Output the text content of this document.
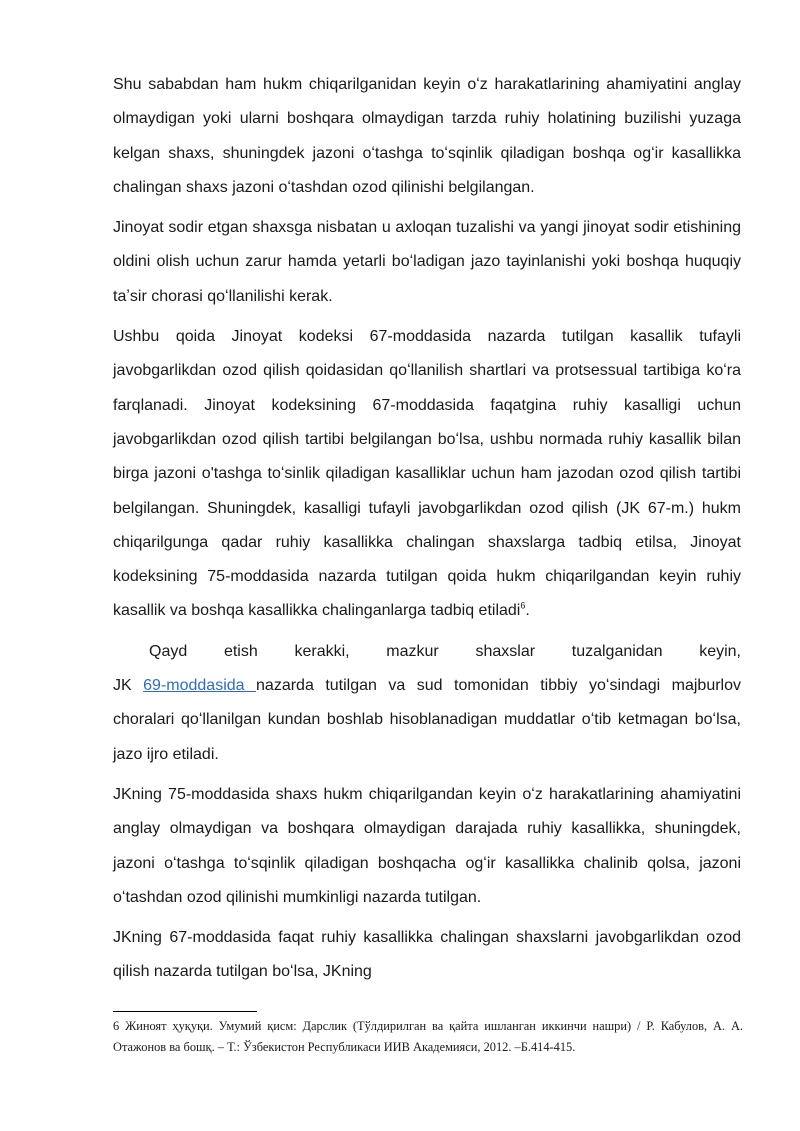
Shu sababdan ham hukm chiqarilganidan keyin oʻz harakatlarining ahamiyatini anglay olmaydigan yoki ularni boshqara olmaydigan tarzda ruhiy holatining buzilishi yuzaga kelgan shaxs, shuningdek jazoni oʻtashga toʻsqinlik qiladigan boshqa ogʻir kasallikka chalingan shaxs jazoni oʻtashdan ozod qilinishi belgilangan.

Jinoyat sodir etgan shaxsga nisbatan u axloqan tuzalishi va yangi jinoyat sodir etishining oldini olish uchun zarur hamda yetarli boʻladigan jazo tayinlanishi yoki boshqa huquqiy taʼsir chorasi qoʻllanilishi kerak.

Ushbu qoida Jinoyat kodeksi 67-moddasida nazarda tutilgan kasallik tufayli javobgarlikdan ozod qilish qoidasidan qoʻllanilish shartlari va protsessual tartibiga koʻra farqlanadi. Jinoyat kodeksining 67-moddasida faqatgina ruhiy kasalligi uchun javobgarlikdan ozod qilish tartibi belgilangan boʻlsa, ushbu normada ruhiy kasallik bilan birga jazoni o'tashga toʻsinlik qiladigan kasalliklar uchun ham jazodan ozod qilish tartibi belgilangan. Shuningdek, kasalligi tufayli javobgarlikdan ozod qilish (JK 67-m.) hukm chiqarilgunga qadar ruhiy kasallikka chalingan shaxslarga tadbiq etilsa, Jinoyat kodeksining 75-moddasida nazarda tutilgan qoida hukm chiqarilgandan keyin ruhiy kasallik va boshqa kasallikka chalinganlarga tadbiq etiladi$^6$.

Qayd etish kerakki, mazkur shaxslar tuzalganidan keyin,

JK 69-moddasida nazarda tutilgan va sud tomonidan tibbiy yoʻsindagi majburlov choralari qoʻllanilgan kundan boshlab hisoblanadigan muddatlar oʻtib ketmagan boʻlsa, jazo ijro etiladi.

JKning 75-moddasida shaxs hukm chiqarilgandan keyin oʻz harakatlarining ahamiyatini anglay olmaydigan va boshqara olmaydigan darajada ruhiy kasallikka, shuningdek, jazoni oʻtashga toʻsqinlik qiladigan boshqacha ogʻir kasallikka chalinib qolsa, jazoni oʻtashdan ozod qilinishi mumkinligi nazarda tutilgan.

JKning 67-moddasida faqat ruhiy kasallikka chalingan shaxslarni javobgarlikdan ozod qilish nazarda tutilgan boʻlsa, JKning

6 Жиноят ҳуқуқи. Умумий қисм: Дарслик (Тўлдирилган ва қайта ишланган иккинчи нашри) / Р. Кабулов, А. А. Отажонов ва бошқ. – Т.: Ўзбекистон Республикаси ИИВ Академияси, 2012. –Б.414-415.
